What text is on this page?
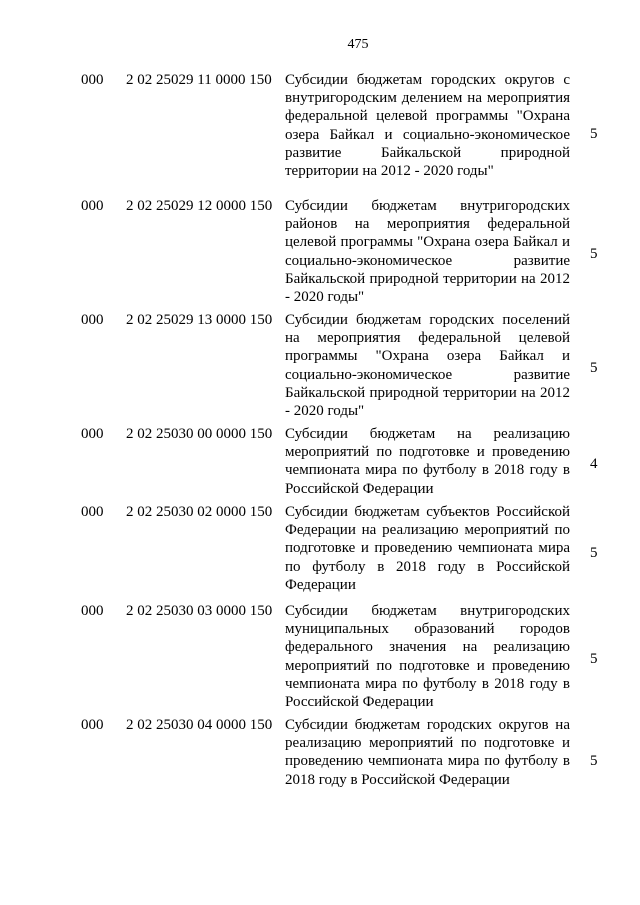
475
000 2 02 25029 11 0000 150 Субсидии бюджетам городских округов с внутригородским делением на мероприятия федеральной целевой программы "Охрана озера Байкал и социально-экономическое развитие Байкальской природной территории на 2012 - 2020 годы"
5
000 2 02 25029 12 0000 150 Субсидии бюджетам внутригородских районов на мероприятия федеральной целевой программы "Охрана озера Байкал и социально-экономическое развитие Байкальской природной территории на 2012 - 2020 годы"
5
000 2 02 25029 13 0000 150 Субсидии бюджетам городских поселений на мероприятия федеральной целевой программы "Охрана озера Байкал и социально-экономическое развитие Байкальской природной территории на 2012 - 2020 годы"
5
000 2 02 25030 00 0000 150 Субсидии бюджетам на реализацию мероприятий по подготовке и проведению чемпионата мира по футболу в 2018 году в Российской Федерации
4
000 2 02 25030 02 0000 150 Субсидии бюджетам субъектов Российской Федерации на реализацию мероприятий по подготовке и проведению чемпионата мира по футболу в 2018 году в Российской Федерации
5
000 2 02 25030 03 0000 150 Субсидии бюджетам внутригородских муниципальных образований городов федерального значения на реализацию мероприятий по подготовке и проведению чемпионата мира по футболу в 2018 году в Российской Федерации
5
000 2 02 25030 04 0000 150 Субсидии бюджетам городских округов на реализацию мероприятий по подготовке и проведению чемпионата мира по футболу в 2018 году в Российской Федерации
5
